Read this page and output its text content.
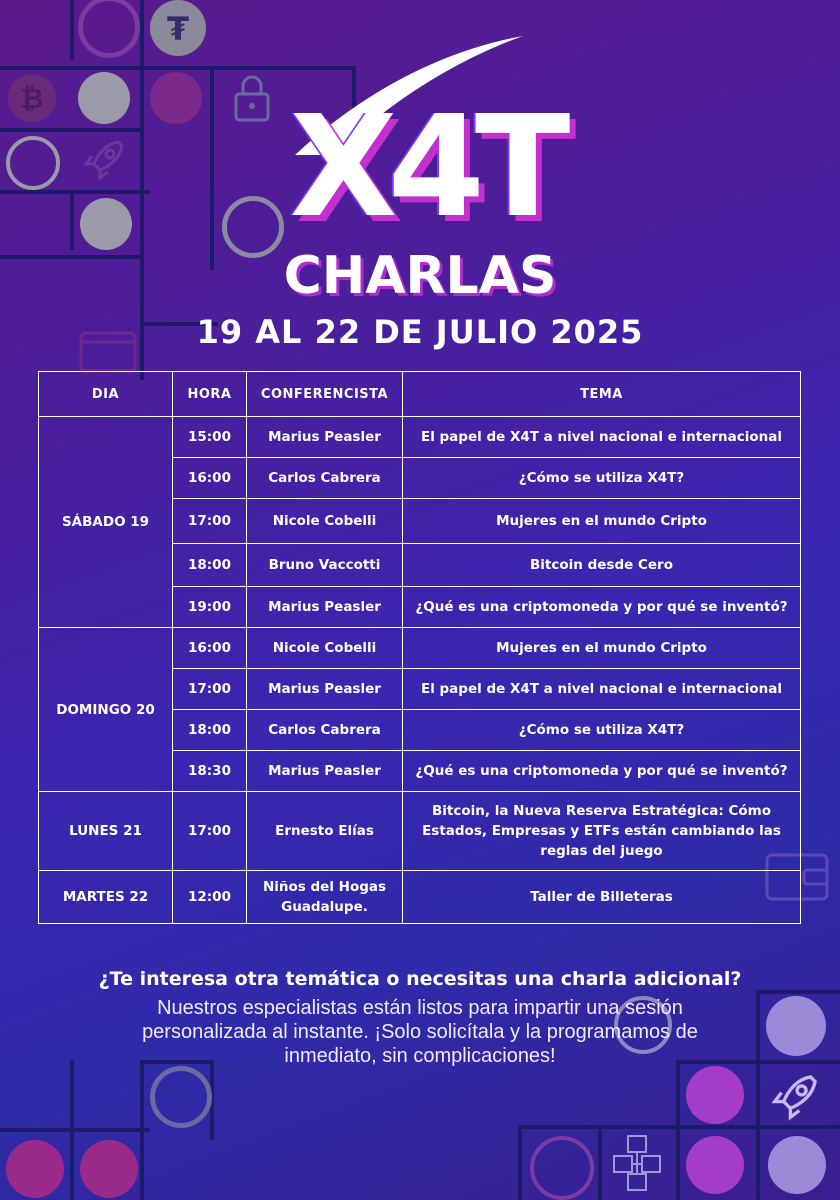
₮
₿ X4T
CHARLAS
19 AL 22 DE JULIO 2025
DIA	HORA	CONFERENCISTA	TEMA
SÁBADO 19	15:00	Marius Peasler	El papel de X4T a nivel nacional e internacional
	16:00	Carlos Cabrera	¿Cómo se utiliza X4T?
	17:00	Nicole Cobelli	Mujeres en el mundo Cripto
	18:00	Bruno Vaccotti	Bitcoin desde Cero
	19:00	Marius Peasler	¿Qué es una criptomoneda y por qué se inventó?
DOMINGO 20	16:00	Nicole Cobelli	Mujeres en el mundo Cripto
	17:00	Marius Peasler	El papel de X4T a nivel nacional e internacional
	18:00	Carlos Cabrera	¿Cómo se utiliza X4T?
	18:30	Marius Peasler	¿Qué es una criptomoneda y por qué se inventó?
LUNES 21	17:00	Ernesto Elías	Bitcoin, la Nueva Reserva Estratégica: Cómo Estados, Empresas y ETFs están cambiando las reglas del juego
MARTES 22	12:00	Niños del Hogas Guadalupe.	Taller de Billeteras
¿Te interesa otra temática o necesitas una charla adicional?
Nuestros especialistas están listos para impartir una sesión personalizada al instante. ¡Solo solicítala y la programamos de inmediato, sin complicaciones!
